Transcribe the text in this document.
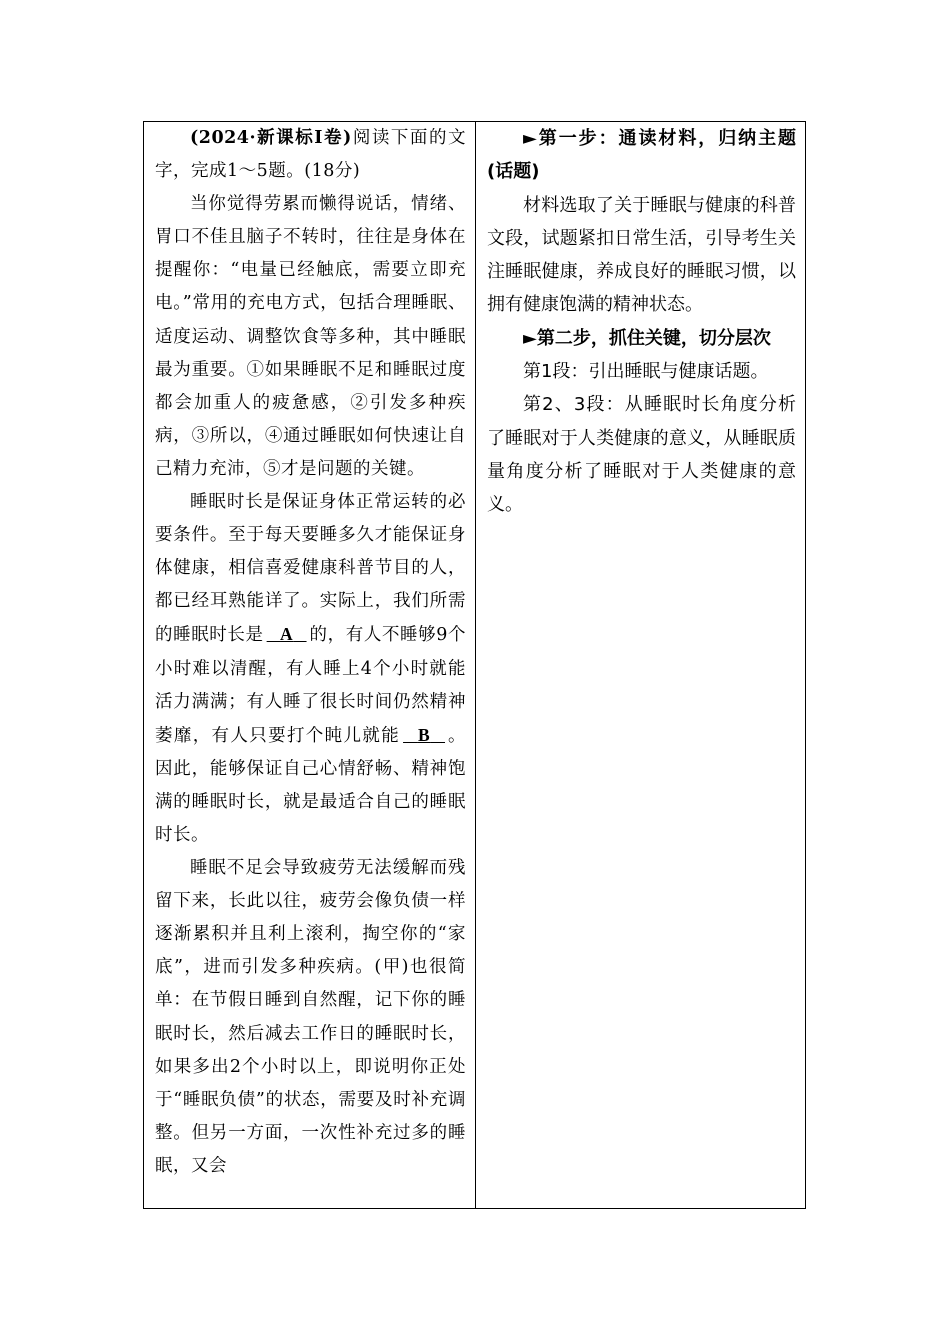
(2024·新课标Ⅰ卷)阅读下面的文字，完成1～5题。(18分)

当你觉得劳累而懒得说话，情绪、胃口不佳且脑子不转时，往往是身体在提醒你：“电量已经触底，需要立即充电。”常用的充电方式，包括合理睡眠、适度运动、调整饮食等多种，其中睡眠最为重要。①如果睡眠不足和睡眠过度都会加重人的疲惫感，②引发多种疾病，③所以，④通过睡眠如何快速让自己精力充沛，⑤才是问题的关键。

睡眠时长是保证身体正常运转的必要条件。至于每天要睡多久才能保证身体健康，相信喜爱健康科普节目的人，都已经耳熟能详了。实际上，我们所需的睡眠时长是 A 的，有人不睡够9个小时难以清醒，有人睡上4个小时就能活力满满；有人睡了很长时间仍然精神萎靡，有人只要打个盹儿就能 B 。因此，能够保证自己心情舒畅、精神饱满的睡眠时长，就是最适合自己的睡眠时长。

睡眠不足会导致疲劳无法缓解而残留下来，长此以往，疲劳会像负债一样逐渐累积并且利上滚利，掏空你的“家底”，进而引发多种疾病。(甲)也很简单：在节假日睡到自然醒，记下你的睡眠时长，然后减去工作日的睡眠时长，如果多出2个小时以上，即说明你正处于“睡眠负债”的状态，需要及时补充调整。但另一方面，一次性补充过多的睡眠，又会

►第一步：通读材料，归纳主题(话题)

材料选取了关于睡眠与健康的科普文段，试题紧扣日常生活，引导考生关注睡眠健康，养成良好的睡眠习惯，以拥有健康饱满的精神状态。

►第二步，抓住关键，切分层次

第1段：引出睡眠与健康话题。

第2、3段：从睡眠时长角度分析了睡眠对于人类健康的意义，从睡眠质量角度分析了睡眠对于人类健康的意义。
